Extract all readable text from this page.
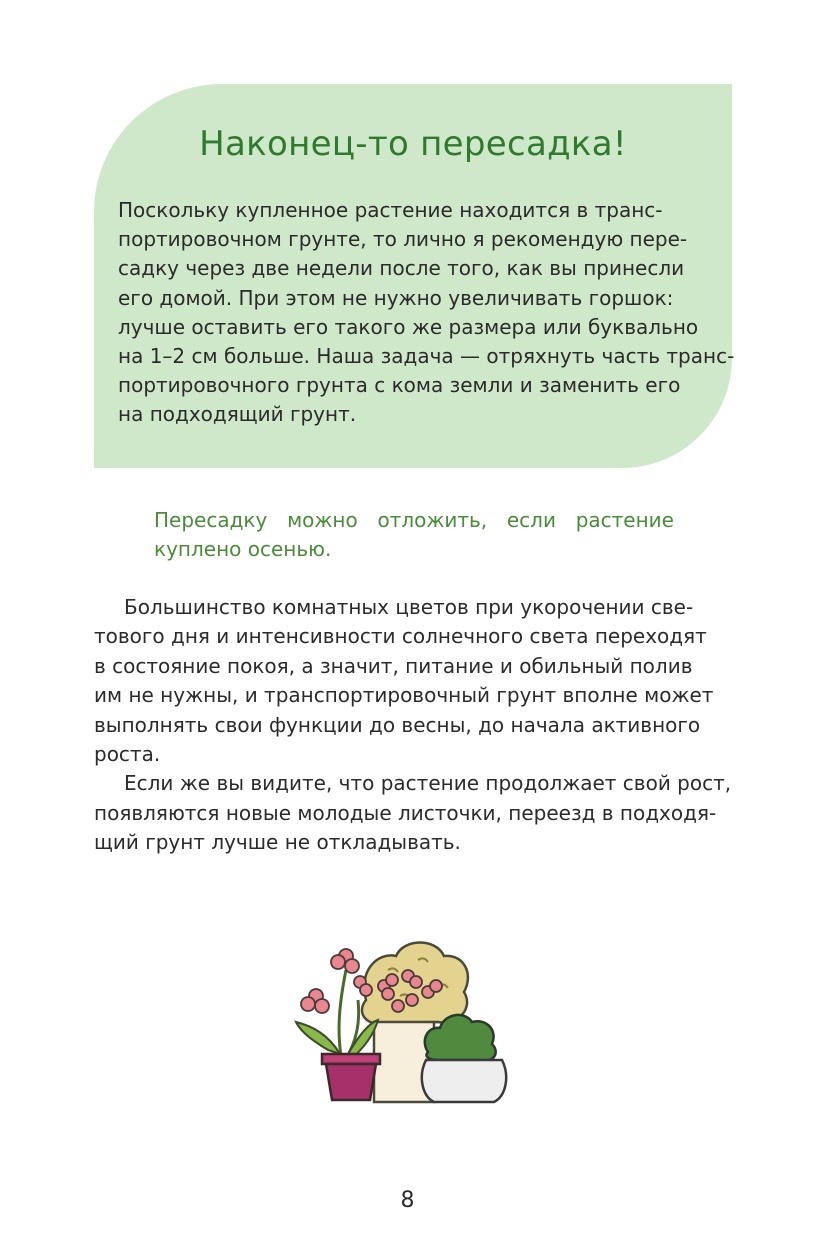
Наконец-то пересадка!
Поскольку купленное растение находится в транс-
портировочном грунте, то лично я рекомендую пере-
садку через две недели после того, как вы принесли
его домой. При этом не нужно увеличивать горшок:
лучше оставить его такого же размера или буквально
на 1–2 см больше. Наша задача — отряхнуть часть транс-
портировочного грунта с кома земли и заменить его
на подходящий грунт.
Пересадку можно отложить, если растение
куплено осенью.
Большинство комнатных цветов при укорочении све-
тового дня и интенсивности солнечного света переходят
в состояние покоя, а значит, питание и обильный полив
им не нужны, и транспортировочный грунт вполне может
выполнять свои функции до весны, до начала активного
роста.
Если же вы видите, что растение продолжает свой рост,
появляются новые молодые листочки, переезд в подходя-
щий грунт лучше не откладывать.
8
